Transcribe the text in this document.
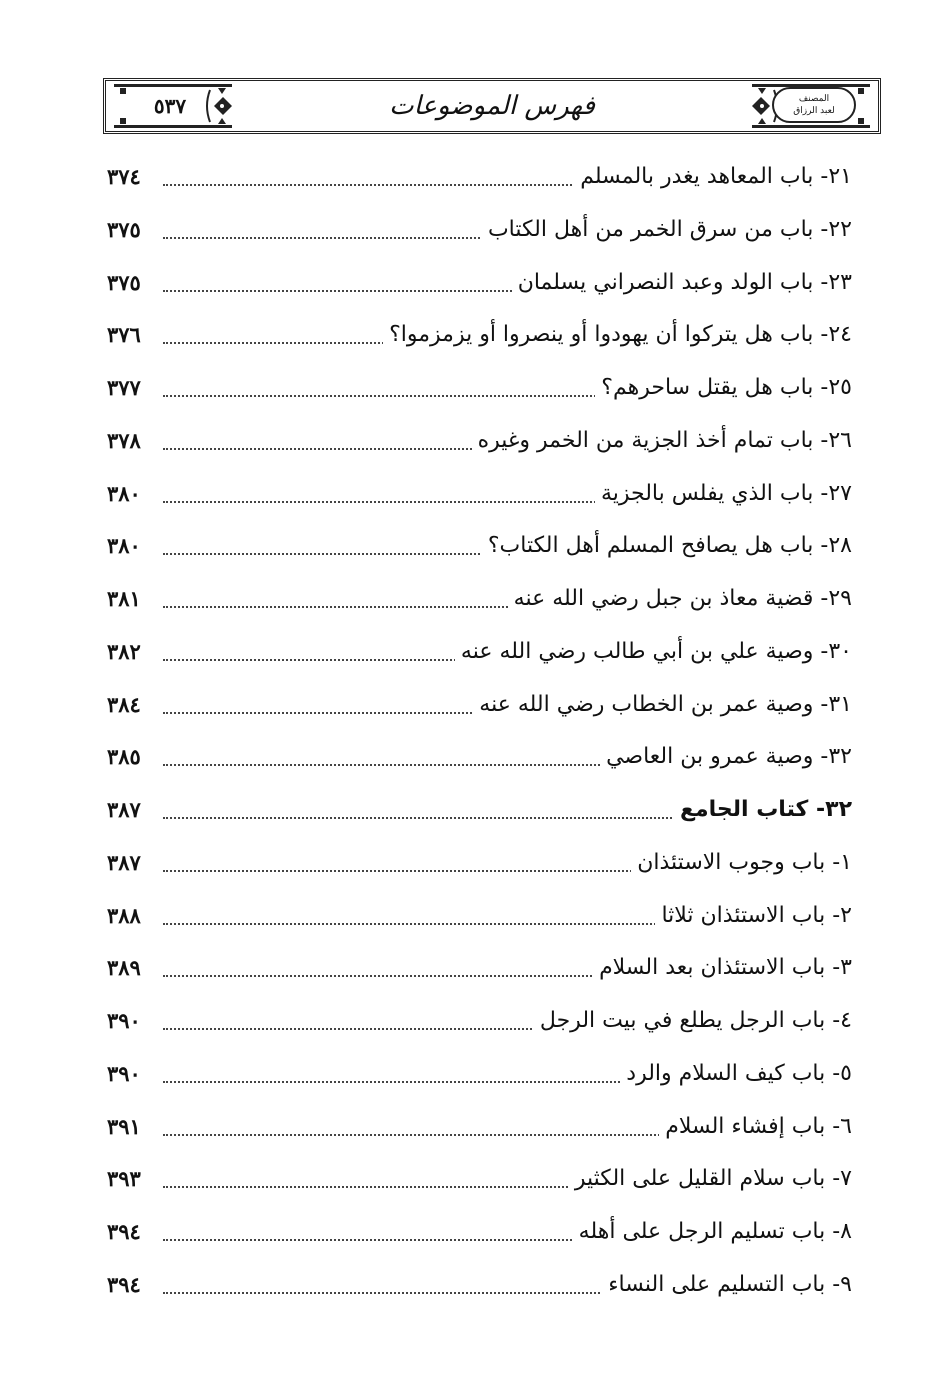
٥٣٧	فهرس الموضوعات	المصنف
لعبد الرزاق
٢١- باب المعاهد يغدر بالمسلم
٣٧٤
٢٢- باب من سرق الخمر من أهل الكتاب
٣٧٥
٢٣- باب الولد وعبد النصراني يسلمان
٣٧٥
٢٤- باب هل يتركوا أن يهودوا أو ينصروا أو يزمزموا؟
٣٧٦
٢٥- باب هل يقتل ساحرهم؟
٣٧٧
٢٦- باب تمام أخذ الجزية من الخمر وغيره
٣٧٨
٢٧- باب الذي يفلس بالجزية
٣٨٠
٢٨- باب هل يصافح المسلم أهل الكتاب؟
٣٨٠
٢٩- قضية معاذ بن جبل رضي الله عنه
٣٨١
٣٠- وصية علي بن أبي طالب رضي الله عنه
٣٨٢
٣١- وصية عمر بن الخطاب رضي الله عنه
٣٨٤
٣٢- وصية عمرو بن العاصي
٣٨٥
٣٢- كتاب الجامع
٣٨٧
١- باب وجوب الاستئذان
٣٨٧
٢- باب الاستئذان ثلاثا
٣٨٨
٣- باب الاستئذان بعد السلام
٣٨٩
٤- باب الرجل يطلع في بيت الرجل
٣٩٠
٥- باب كيف السلام والرد
٣٩٠
٦- باب إفشاء السلام
٣٩١
٧- باب سلام القليل على الكثير
٣٩٣
٨- باب تسليم الرجل على أهله
٣٩٤
٩- باب التسليم على النساء
٣٩٤
